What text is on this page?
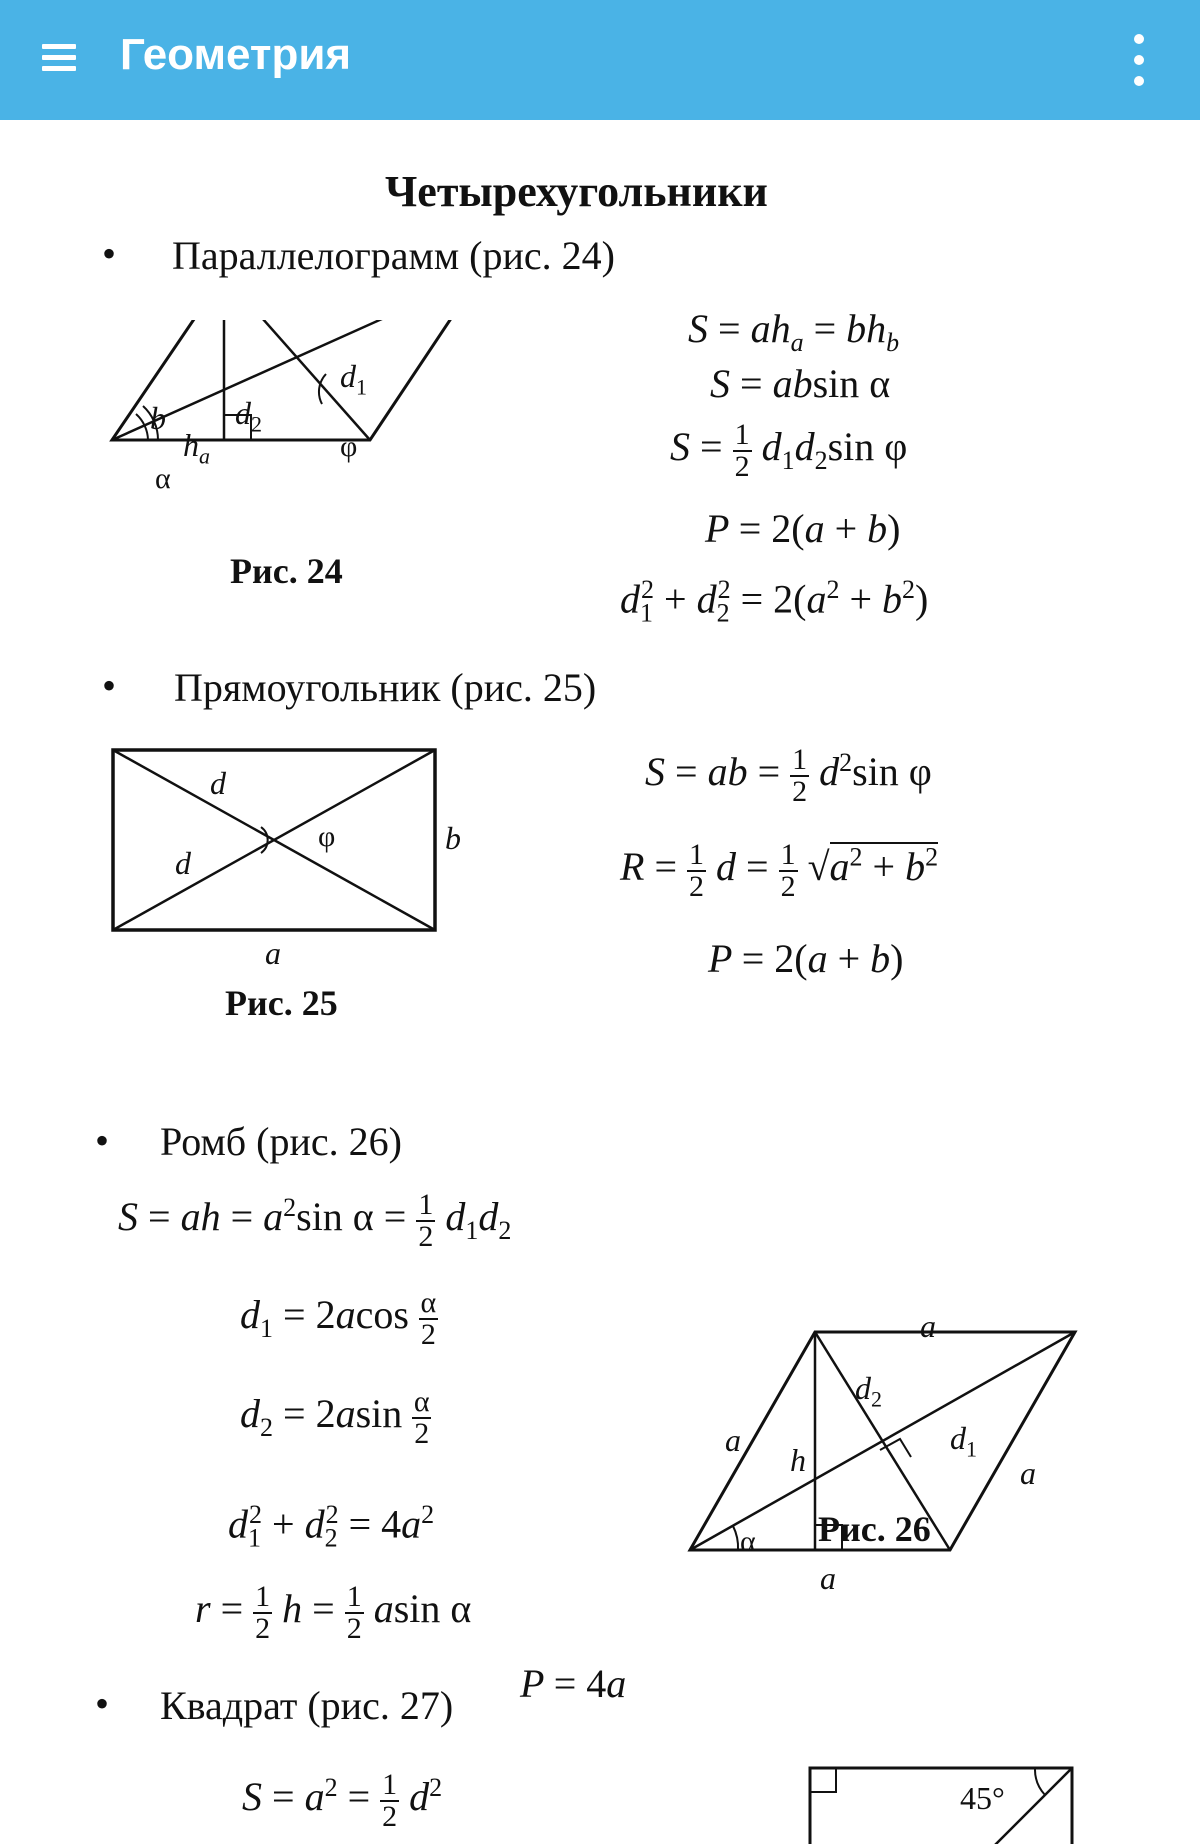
Геометрия
Четырехугольники
• Параллелограмм (рис. 24)
b
$h_a$
α
$d_2$
$d_1$
φ
Рис. 24
$S = ah_a = bh_b$
S = absin α
S = 1
2 $d_1d_2\sin$ φ
P = 2(a + b)
$d_1^2 + d_2^2 = 2(a^2 + b^2)$
• Прямоугольник (рис. 25)
d
d
φ	b
a
Рис. 25
S = ab = 1
2 $d^2\sin$ φ
R = 1
2 d = 1
2 $√a^2 + b^2$
P = 2(a + b)
• Ромб (рис. 26)
S = ah = $a^2\sin$ α = 1
2 $d_1d_2$
$d_1 = 2acos$ α
2
$d_2 = 2asin$ α
2
$d_1^2 + d_2^2 = 4a^2$
r = 1
2 h = 1
2 asin α
P = 4a
a
$d_2$
a
h
$d_1$
a
α
a
Рис. 26
• Квадрат (рис. 27)
$S = a^2 = 1$
2 $d^2$	45°
